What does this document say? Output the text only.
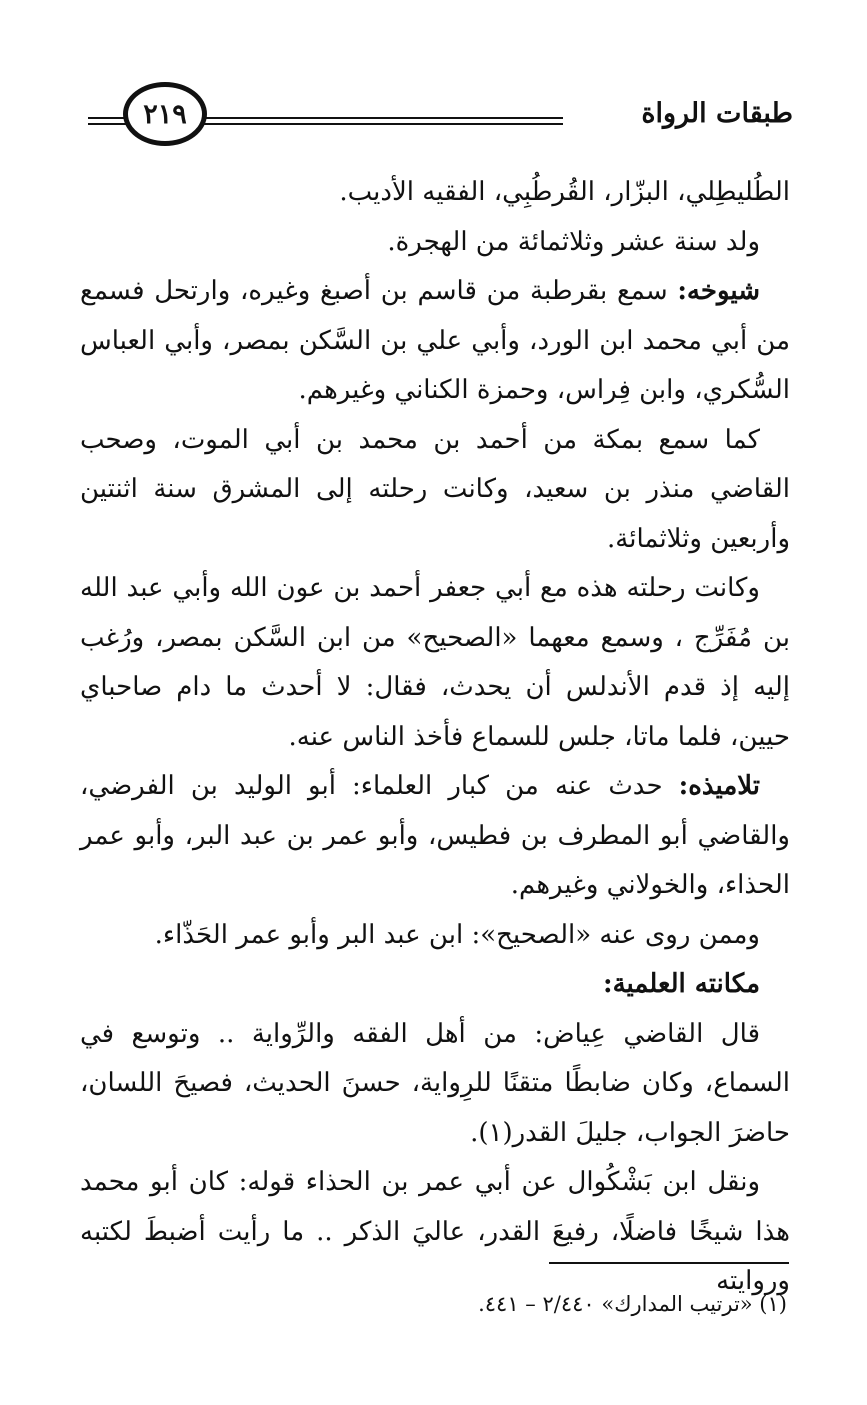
٢١٩	طبقات الرواة

الطُليطِلي، البزّار، القُرطُبِي، الفقيه الأديب.

ولد سنة عشر وثلاثمائة من الهجرة.

شيوخه: سمع بقرطبة من قاسم بن أصبغ وغيره، وارتحل فسمع من أبي محمد ابن الورد، وأبي علي بن السَّكن بمصر، وأبي العباس السُّكري، وابن فِراس، وحمزة الكناني وغيرهم.

كما سمع بمكة من أحمد بن محمد بن أبي الموت، وصحب القاضي منذر بن سعيد، وكانت رحلته إلى المشرق سنة اثنتين وأربعين وثلاثمائة.

وكانت رحلته هذه مع أبي جعفر أحمد بن عون الله وأبي عبد الله بن مُفَرِّج ، وسمع معهما «الصحيح» من ابن السَّكن بمصر، ورُغب إليه إذ قدم الأندلس أن يحدث، فقال: لا أحدث ما دام صاحباي حيين، فلما ماتا، جلس للسماع فأخذ الناس عنه.

تلاميذه: حدث عنه من كبار العلماء: أبو الوليد بن الفرضي، والقاضي أبو المطرف بن فطيس، وأبو عمر بن عبد البر، وأبو عمر الحذاء، والخولاني وغيرهم.

وممن روى عنه «الصحيح»: ابن عبد البر وأبو عمر الحَذّاء.

مكانته العلمية:

قال القاضي عِياض: من أهل الفقه والرِّواية .. وتوسع في السماع، وكان ضابطًا متقنًا للرِواية، حسنَ الحديث، فصيحَ اللسان، حاضرَ الجواب، جليلَ القدر(١).

ونقل ابن بَشْكُوال عن أبي عمر بن الحذاء قوله: كان أبو محمد هذا شيخًا فاضلًا، رفيعَ القدر، عاليَ الذكر .. ما رأيت أضبطَ لكتبه وروايته

(١) «ترتيب المدارك» ٢/٤٤٠ – ٤٤١.
